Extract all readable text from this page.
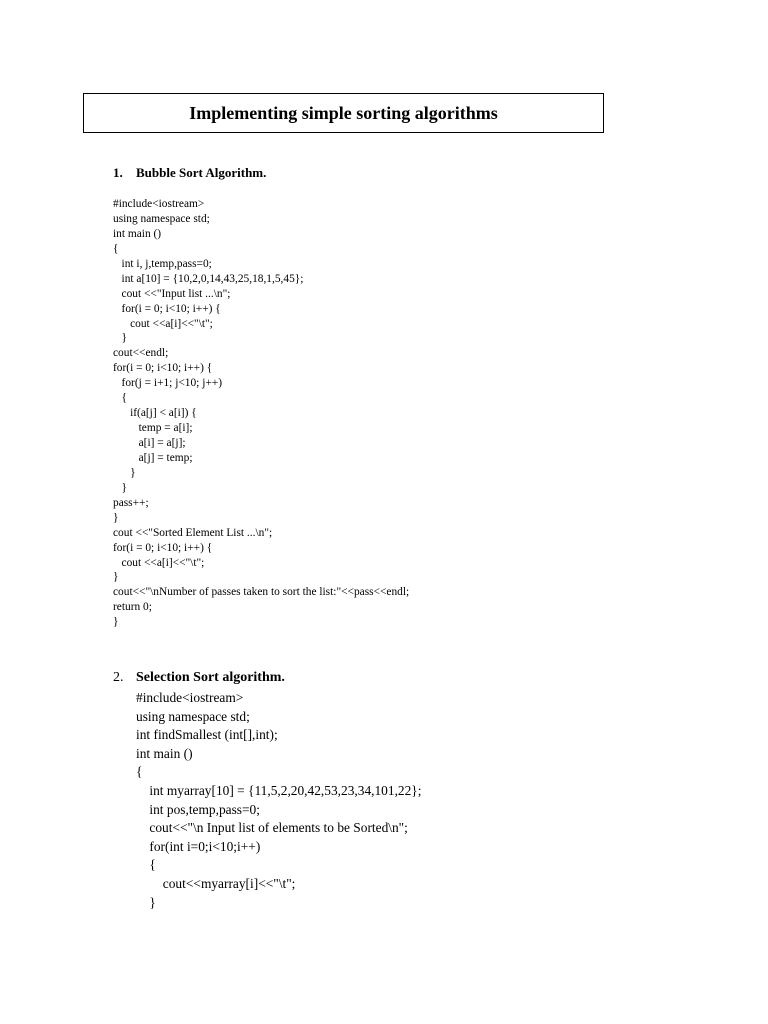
Implementing simple sorting algorithms
1. Bubble Sort Algorithm.
#include<iostream>
using namespace std;
int main ()
{
int i, j,temp,pass=0;
int a[10] = {10,2,0,14,43,25,18,1,5,45};
cout <<"Input list ...\n";
for(i = 0; i<10; i++) {
cout <<a[i]<<"\t";
}
cout<<endl;
for(i = 0; i<10; i++) {
for(j = i+1; j<10; j++)
{
if(a[j] < a[i]) {
temp = a[i];
a[i] = a[j];
a[j] = temp;
}
}
pass++;
}
cout <<"Sorted Element List ...\n";
for(i = 0; i<10; i++) {
cout <<a[i]<<"\t";
}
cout<<"\nNumber of passes taken to sort the list:"<<pass<<endl;
return 0;
}
2. Selection Sort algorithm.
#include<iostream>
using namespace std;
int findSmallest (int[],int);
int main ()
{
int myarray[10] = {11,5,2,20,42,53,23,34,101,22};
int pos,temp,pass=0;
cout<<"\n Input list of elements to be Sorted\n";
for(int i=0;i<10;i++)
{
cout<<myarray[i]<<"\t";
}
